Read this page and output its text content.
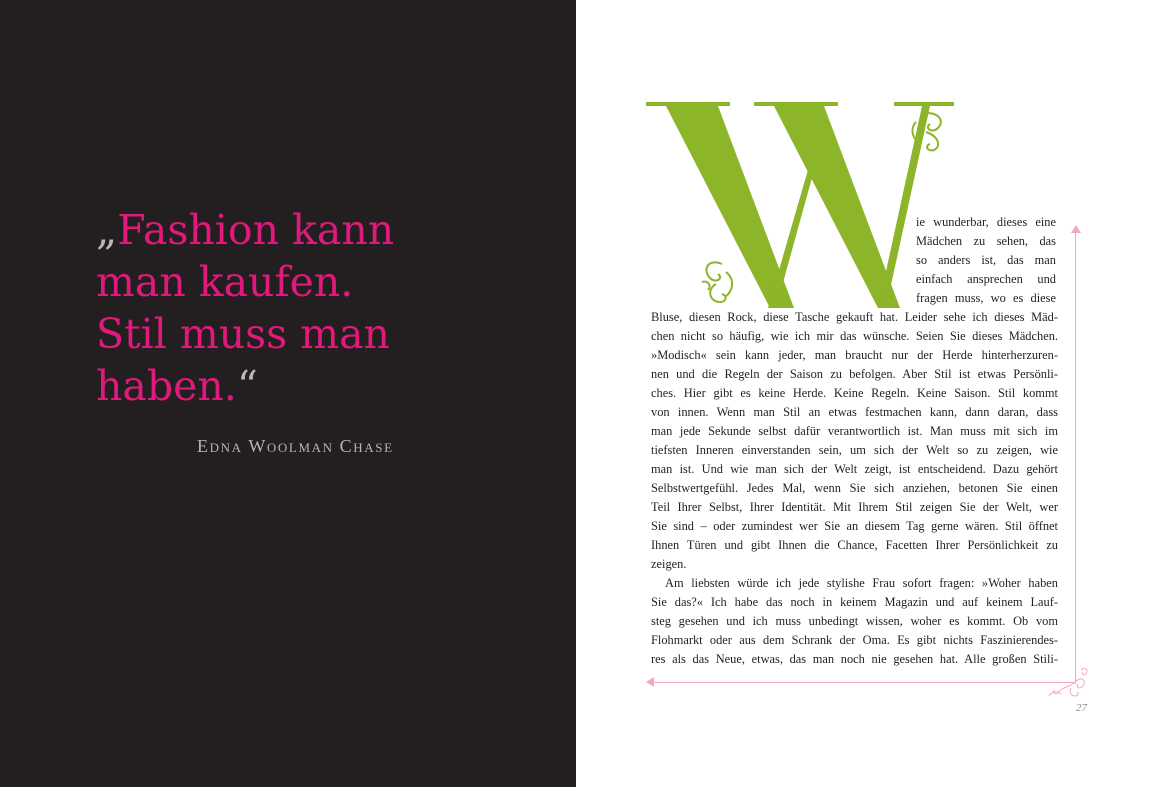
„Fashion kann
man kaufen.
Stil muss man
haben.“
Edna Woolman Chase
ie wunderbar, dieses eine
Mädchen zu sehen, das
so anders ist, das man
einfach ansprechen und
fragen muss, wo es diese
Bluse, diesen Rock, diese Tasche gekauft hat. Leider sehe ich dieses Mäd-
chen nicht so häufig, wie ich mir das wünsche. Seien Sie dieses Mädchen.
»Modisch« sein kann jeder, man braucht nur der Herde hinterherzuren-
nen und die Regeln der Saison zu befolgen. Aber Stil ist etwas Persönli-
ches. Hier gibt es keine Herde. Keine Regeln. Keine Saison. Stil kommt
von innen. Wenn man Stil an etwas festmachen kann, dann daran, dass
man jede Sekunde selbst dafür verantwortlich ist. Man muss mit sich im
tiefsten Inneren einverstanden sein, um sich der Welt so zu zeigen, wie
man ist. Und wie man sich der Welt zeigt, ist entscheidend. Dazu gehört
Selbstwertgefühl. Jedes Mal, wenn Sie sich anziehen, betonen Sie einen
Teil Ihrer Selbst, Ihrer Identität. Mit Ihrem Stil zeigen Sie der Welt, wer
Sie sind – oder zumindest wer Sie an diesem Tag gerne wären. Stil öffnet
Ihnen Türen und gibt Ihnen die Chance, Facetten Ihrer Persönlichkeit zu
zeigen.
Am liebsten würde ich jede stylishe Frau sofort fragen: »Woher haben
Sie das?« Ich habe das noch in keinem Magazin und auf keinem Lauf-
steg gesehen und ich muss unbedingt wissen, woher es kommt. Ob vom
Flohmarkt oder aus dem Schrank der Oma. Es gibt nichts Faszinierendes-
res als das Neue, etwas, das man noch nie gesehen hat. Alle großen Stili-
27
